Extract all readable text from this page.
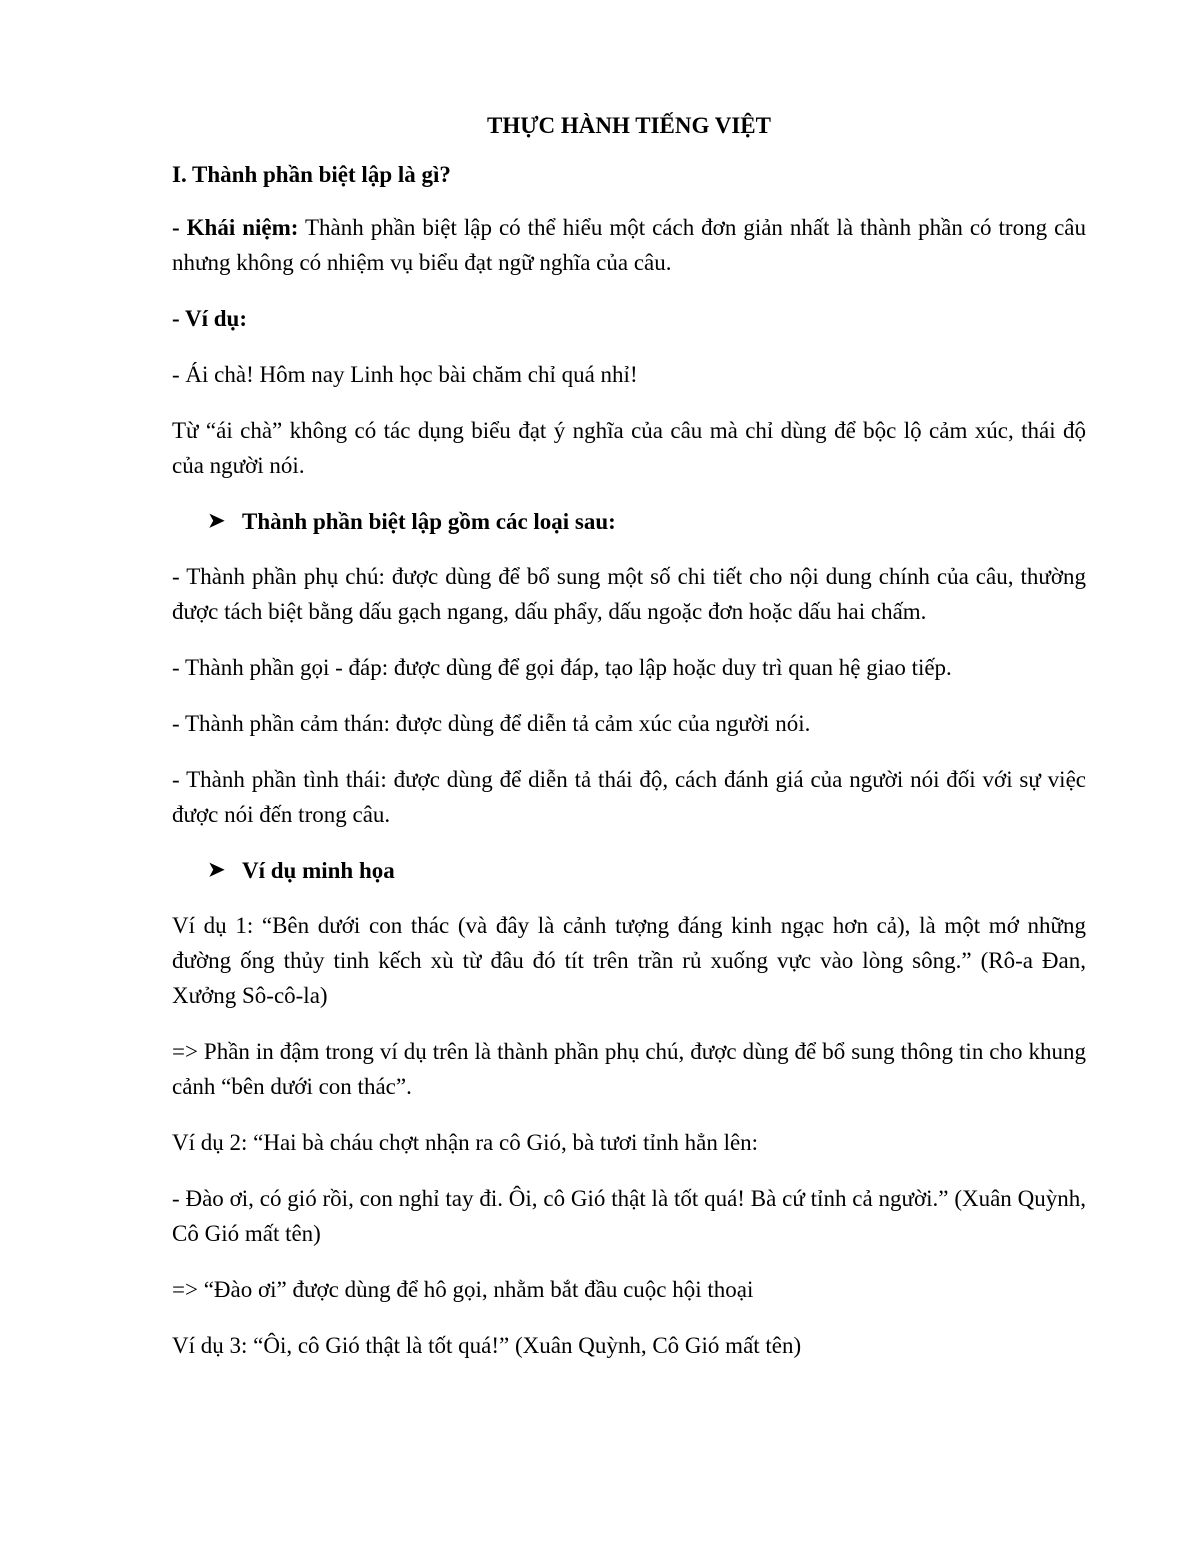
THỰC HÀNH TIẾNG VIỆT
I. Thành phần biệt lập là gì?

- Khái niệm: Thành phần biệt lập có thể hiểu một cách đơn giản nhất là thành phần có trong câu nhưng không có nhiệm vụ biểu đạt ngữ nghĩa của câu.

- Ví dụ:

- Ái chà! Hôm nay Linh học bài chăm chỉ quá nhỉ!

Từ “ái chà” không có tác dụng biểu đạt ý nghĩa của câu mà chỉ dùng để bộc lộ cảm xúc, thái độ của người nói.

➤ Thành phần biệt lập gồm các loại sau:

- Thành phần phụ chú: được dùng để bổ sung một số chi tiết cho nội dung chính của câu, thường được tách biệt bằng dấu gạch ngang, dấu phẩy, dấu ngoặc đơn hoặc dấu hai chấm.

- Thành phần gọi - đáp: được dùng để gọi đáp, tạo lập hoặc duy trì quan hệ giao tiếp.

- Thành phần cảm thán: được dùng để diễn tả cảm xúc của người nói.

- Thành phần tình thái: được dùng để diễn tả thái độ, cách đánh giá của người nói đối với sự việc được nói đến trong câu.

➤ Ví dụ minh họa

Ví dụ 1: “Bên dưới con thác (và đây là cảnh tượng đáng kinh ngạc hơn cả), là một mớ những đường ống thủy tinh kếch xù từ đâu đó tít trên trần rủ xuống vực vào lòng sông.” (Rô-a Đan, Xưởng Sô-cô-la)

=> Phần in đậm trong ví dụ trên là thành phần phụ chú, được dùng để bổ sung thông tin cho khung cảnh “bên dưới con thác”.

Ví dụ 2: “Hai bà cháu chợt nhận ra cô Gió, bà tươi tỉnh hẳn lên:

- Đào ơi, có gió rồi, con nghỉ tay đi. Ôi, cô Gió thật là tốt quá! Bà cứ tỉnh cả người.” (Xuân Quỳnh, Cô Gió mất tên)

=> “Đào ơi” được dùng để hô gọi, nhằm bắt đầu cuộc hội thoại

Ví dụ 3: “Ôi, cô Gió thật là tốt quá!” (Xuân Quỳnh, Cô Gió mất tên)
